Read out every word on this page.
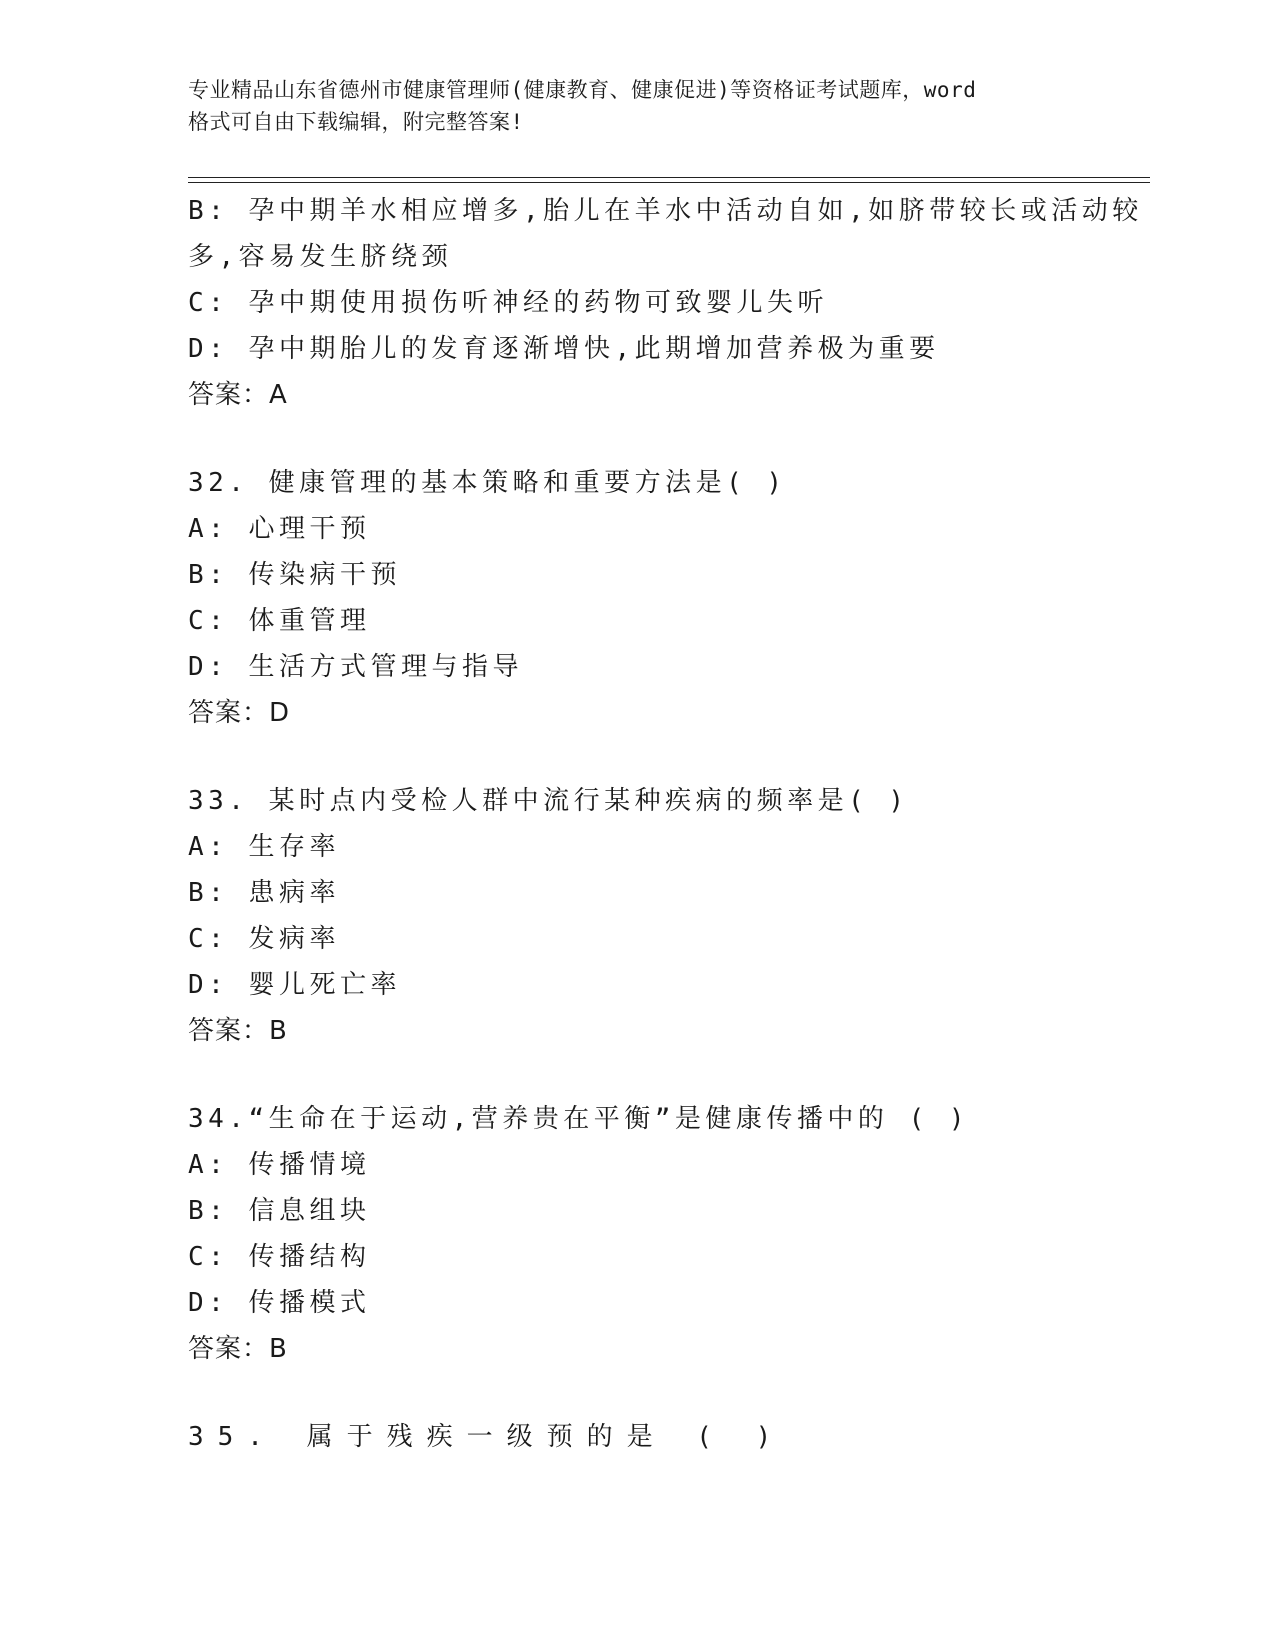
专业精品山东省德州市健康管理师(健康教育、健康促进)等资格证考试题库，word
格式可自由下载编辑，附完整答案!
B: 孕中期羊水相应增多,胎儿在羊水中活动自如,如脐带较长或活动较
多,容易发生脐绕颈
C: 孕中期使用损伤听神经的药物可致婴儿失听
D: 孕中期胎儿的发育逐渐增快,此期增加营养极为重要
答案：A
32. 健康管理的基本策略和重要方法是( )
A: 心理干预
B: 传染病干预
C: 体重管理
D: 生活方式管理与指导
答案：D
33. 某时点内受检人群中流行某种疾病的频率是( )
A: 生存率
B: 患病率
C: 发病率
D: 婴儿死亡率
答案：B
34.“生命在于运动,营养贵在平衡”是健康传播中的 ( )
A: 传播情境
B: 信息组块
C: 传播结构
D: 传播模式
答案：B
35. 属于残疾一级预的是 ( )
